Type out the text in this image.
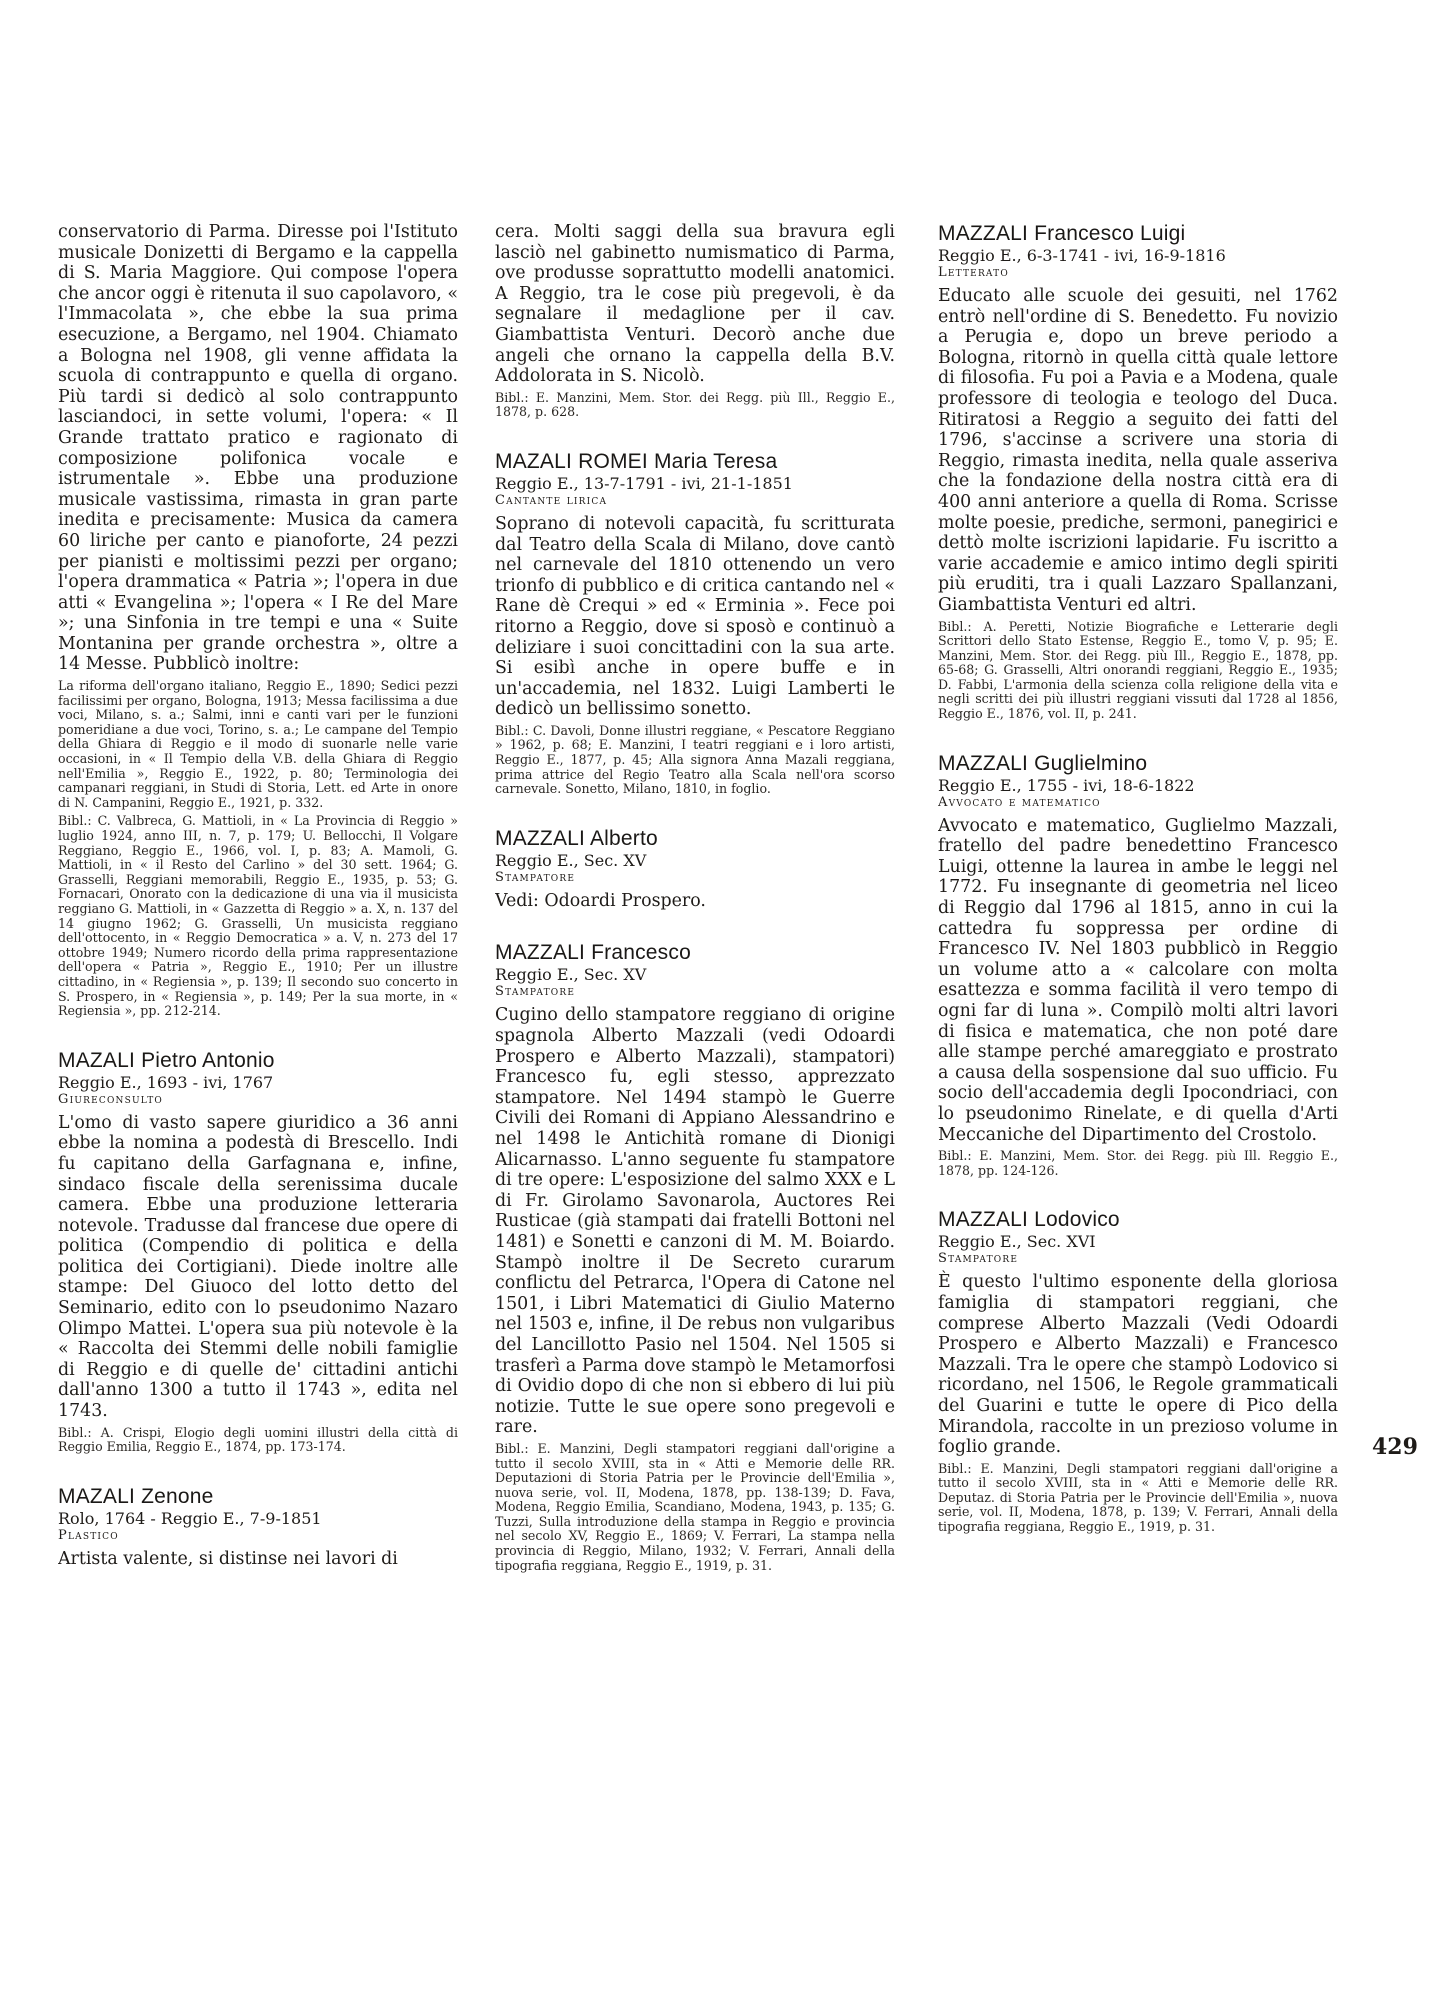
conservatorio di Parma. Diresse poi l'Istituto musicale Donizetti di Bergamo e la cappella di S. Maria Maggiore. Qui compose l'opera che ancor oggi è ritenuta il suo capolavoro, « l'Immacolata », che ebbe la sua prima esecuzione, a Bergamo, nel 1904. Chiamato a Bologna nel 1908, gli venne affidata la scuola di contrappunto e quella di organo. Più tardi si dedicò al solo contrappunto lasciandoci, in sette volumi, l'opera: « Il Grande trattato pratico e ragionato di composizione polifonica vocale e istrumentale ». Ebbe una produzione musicale vastissima, rimasta in gran parte inedita e precisamente: Musica da camera 60 liriche per canto e pianoforte, 24 pezzi per pianisti e moltissimi pezzi per organo; l'opera drammatica « Patria »; l'opera in due atti « Evangelina »; l'opera « I Re del Mare »; una Sinfonia in tre tempi e una « Suite Montanina per grande orchestra », oltre a 14 Messe. Pubblicò inoltre:

La riforma dell'organo italiano, Reggio E., 1890; Sedici pezzi facilissimi per organo, Bologna, 1913; Messa facilissima a due voci, Milano, s. a.; Salmi, inni e canti vari per le funzioni pomeridiane a due voci, Torino, s. a.; Le campane del Tempio della Ghiara di Reggio e il modo di suonarle nelle varie occasioni, in « Il Tempio della V.B. della Ghiara di Reggio nell'Emilia », Reggio E., 1922, p. 80; Terminologia dei campanari reggiani, in Studi di Storia, Lett. ed Arte in onore di N. Campanini, Reggio E., 1921, p. 332.

Bibl.: C. Valbreca, G. Mattioli, in « La Provincia di Reggio » luglio 1924, anno III, n. 7, p. 179; U. Bellocchi, Il Volgare Reggiano, Reggio E., 1966, vol. I, p. 83; A. Mamoli, G. Mattioli, in « il Resto del Carlino » del 30 sett. 1964; G. Grasselli, Reggiani memorabili, Reggio E., 1935, p. 53; G. Fornacari, Onorato con la dedicazione di una via il musicista reggiano G. Mattioli, in « Gazzetta di Reggio » a. X, n. 137 del 14 giugno 1962; G. Grasselli, Un musicista reggiano dell'ottocento, in « Reggio Democratica » a. V, n. 273 del 17 ottobre 1949; Numero ricordo della prima rappresentazione dell'opera « Patria », Reggio E., 1910; Per un illustre cittadino, in « Regiensia », p. 139; Il secondo suo concerto in S. Prospero, in « Regiensia », p. 149; Per la sua morte, in « Regiensia », pp. 212-214.

MAZALI Pietro Antonio
Reggio E., 1693 - ivi, 1767
Giureconsulto

L'omo di vasto sapere giuridico a 36 anni ebbe la nomina a podestà di Brescello. Indi fu capitano della Garfagnana e, infine, sindaco fiscale della serenissima ducale camera. Ebbe una produzione letteraria notevole. Tradusse dal francese due opere di politica (Compendio di politica e della politica dei Cortigiani). Diede inoltre alle stampe: Del Giuoco del lotto detto del Seminario, edito con lo pseudonimo Nazaro Olimpo Mattei. L'opera sua più notevole è la « Raccolta dei Stemmi delle nobili famiglie di Reggio e di quelle de' cittadini antichi dall'anno 1300 a tutto il 1743 », edita nel 1743.

Bibl.: A. Crispi, Elogio degli uomini illustri della città di Reggio Emilia, Reggio E., 1874, pp. 173-174.

MAZALI Zenone
Rolo, 1764 - Reggio E., 7-9-1851
Plastico

Artista valente, si distinse nei lavori di

cera. Molti saggi della sua bravura egli lasciò nel gabinetto numismatico di Parma, ove produsse soprattutto modelli anatomici. A Reggio, tra le cose più pregevoli, è da segnalare il medaglione per il cav. Giambattista Venturi. Decorò anche due angeli che ornano la cappella della B.V. Addolorata in S. Nicolò.

Bibl.: E. Manzini, Mem. Stor. dei Regg. più Ill., Reggio E., 1878, p. 628.

MAZALI ROMEI Maria Teresa
Reggio E., 13-7-1791 - ivi, 21-1-1851
Cantante lirica

Soprano di notevoli capacità, fu scritturata dal Teatro della Scala di Milano, dove cantò nel carnevale del 1810 ottenendo un vero trionfo di pubblico e di critica cantando nel « Rane dè Crequi » ed « Erminia ». Fece poi ritorno a Reggio, dove si sposò e continuò a deliziare i suoi concittadini con la sua arte. Si esibì anche in opere buffe e in un'accademia, nel 1832. Luigi Lamberti le dedicò un bellissimo sonetto.

Bibl.: C. Davoli, Donne illustri reggiane, « Pescatore Reggiano » 1962, p. 68; E. Manzini, I teatri reggiani e i loro artisti, Reggio E., 1877, p. 45; Alla signora Anna Mazali reggiana, prima attrice del Regio Teatro alla Scala nell'ora scorso carnevale. Sonetto, Milano, 1810, in foglio.

MAZZALI Alberto
Reggio E., Sec. XV
Stampatore

Vedi: Odoardi Prospero.

MAZZALI Francesco
Reggio E., Sec. XV
Stampatore

Cugino dello stampatore reggiano di origine spagnola Alberto Mazzali (vedi Odoardi Prospero e Alberto Mazzali), stampatori) Francesco fu, egli stesso, apprezzato stampatore. Nel 1494 stampò le Guerre Civili dei Romani di Appiano Alessandrino e nel 1498 le Antichità romane di Dionigi Alicarnasso. L'anno seguente fu stampatore di tre opere: L'esposizione del salmo XXX e L di Fr. Girolamo Savonarola, Auctores Rei Rusticae (già stampati dai fratelli Bottoni nel 1481) e Sonetti e canzoni di M. M. Boiardo. Stampò inoltre il De Secreto curarum conflictu del Petrarca, l'Opera di Catone nel 1501, i Libri Matematici di Giulio Materno nel 1503 e, infine, il De rebus non vulgaribus del Lancillotto Pasio nel 1504. Nel 1505 si trasferì a Parma dove stampò le Metamorfosi di Ovidio dopo di che non si ebbero di lui più notizie. Tutte le sue opere sono pregevoli e rare.

Bibl.: E. Manzini, Degli stampatori reggiani dall'origine a tutto il secolo XVIII, sta in « Atti e Memorie delle RR. Deputazioni di Storia Patria per le Provincie dell'Emilia », nuova serie, vol. II, Modena, 1878, pp. 138-139; D. Fava, Modena, Reggio Emilia, Scandiano, Modena, 1943, p. 135; G. Tuzzi, Sulla introduzione della stampa in Reggio e provincia nel secolo XV, Reggio E., 1869; V. Ferrari, La stampa nella provincia di Reggio, Milano, 1932; V. Ferrari, Annali della tipografia reggiana, Reggio E., 1919, p. 31.

MAZZALI Francesco Luigi
Reggio E., 6-3-1741 - ivi, 16-9-1816
Letterato

Educato alle scuole dei gesuiti, nel 1762 entrò nell'ordine di S. Benedetto. Fu novizio a Perugia e, dopo un breve periodo a Bologna, ritornò in quella città quale lettore di filosofia. Fu poi a Pavia e a Modena, quale professore di teologia e teologo del Duca. Ritiratosi a Reggio a seguito dei fatti del 1796, s'accinse a scrivere una storia di Reggio, rimasta inedita, nella quale asseriva che la fondazione della nostra città era di 400 anni anteriore a quella di Roma. Scrisse molte poesie, prediche, sermoni, panegirici e dettò molte iscrizioni lapidarie. Fu iscritto a varie accademie e amico intimo degli spiriti più eruditi, tra i quali Lazzaro Spallanzani, Giambattista Venturi ed altri.

Bibl.: A. Peretti, Notizie Biografiche e Letterarie degli Scrittori dello Stato Estense, Reggio E., tomo V, p. 95; E. Manzini, Mem. Stor. dei Regg. più Ill., Reggio E., 1878, pp. 65-68; G. Grasselli, Altri onorandi reggiani, Reggio E., 1935; D. Fabbi, L'armonia della scienza colla religione della vita e negli scritti dei più illustri reggiani vissuti dal 1728 al 1856, Reggio E., 1876, vol. II, p. 241.

MAZZALI Guglielmino
Reggio E., 1755 - ivi, 18-6-1822
Avvocato e matematico

Avvocato e matematico, Guglielmo Mazzali, fratello del padre benedettino Francesco Luigi, ottenne la laurea in ambe le leggi nel 1772. Fu insegnante di geometria nel liceo di Reggio dal 1796 al 1815, anno in cui la cattedra fu soppressa per ordine di Francesco IV. Nel 1803 pubblicò in Reggio un volume atto a « calcolare con molta esattezza e somma facilità il vero tempo di ogni far di luna ». Compilò molti altri lavori di fisica e matematica, che non poté dare alle stampe perché amareggiato e prostrato a causa della sospensione dal suo ufficio. Fu socio dell'accademia degli Ipocondriaci, con lo pseudonimo Rinelate, e di quella d'Arti Meccaniche del Dipartimento del Crostolo.

Bibl.: E. Manzini, Mem. Stor. dei Regg. più Ill. Reggio E., 1878, pp. 124-126.

MAZZALI Lodovico
Reggio E., Sec. XVI
Stampatore

È questo l'ultimo esponente della gloriosa famiglia di stampatori reggiani, che comprese Alberto Mazzali (Vedi Odoardi Prospero e Alberto Mazzali) e Francesco Mazzali. Tra le opere che stampò Lodovico si ricordano, nel 1506, le Regole grammaticali del Guarini e tutte le opere di Pico della Mirandola, raccolte in un prezioso volume in foglio grande.

Bibl.: E. Manzini, Degli stampatori reggiani dall'origine a tutto il secolo XVIII, sta in « Atti e Memorie delle RR. Deputaz. di Storia Patria per le Provincie dell'Emilia », nuova serie, vol. II, Modena, 1878, p. 139; V. Ferrari, Annali della tipografia reggiana, Reggio E., 1919, p. 31.

429
